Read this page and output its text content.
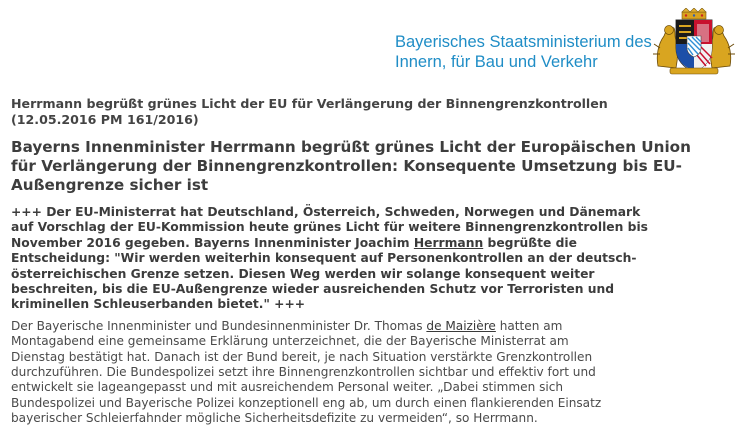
Bayerisches Staatsministerium des
Innern, für Bau und Verkehr
Herrmann begrüßt grünes Licht der EU für Verlängerung der Binnengrenzkontrollen
(12.05.2016 PM 161/2016)
Bayerns Innenminister Herrmann begrüßt grünes Licht der Europäischen Union
für Verlängerung der Binnengrenzkontrollen: Konsequente Umsetzung bis EU-
Außengrenze sicher ist
+++ Der EU-Ministerrat hat Deutschland, Österreich, Schweden, Norwegen und Dänemark
auf Vorschlag der EU-Kommission heute grünes Licht für weitere Binnengrenzkontrollen bis
November 2016 gegeben. Bayerns Innenminister Joachim Herrmann begrüßte die
Entscheidung: "Wir werden weiterhin konsequent auf Personenkontrollen an der deutsch-
österreichischen Grenze setzen. Diesen Weg werden wir solange konsequent weiter
beschreiten, bis die EU-Außengrenze wieder ausreichenden Schutz vor Terroristen und
kriminellen Schleuserbanden bietet." +++
Der Bayerische Innenminister und Bundesinnenminister Dr. Thomas de Maizière hatten am
Montagabend eine gemeinsame Erklärung unterzeichnet, die der Bayerische Ministerrat am
Dienstag bestätigt hat. Danach ist der Bund bereit, je nach Situation verstärkte Grenzkontrollen
durchzuführen. Die Bundespolizei setzt ihre Binnengrenzkontrollen sichtbar und effektiv fort und
entwickelt sie lageangepasst und mit ausreichendem Personal weiter. „Dabei stimmen sich
Bundespolizei und Bayerische Polizei konzeptionell eng ab, um durch einen flankierenden Einsatz
bayerischer Schleierfahnder mögliche Sicherheitsdefizite zu vermeiden“, so Herrmann.
